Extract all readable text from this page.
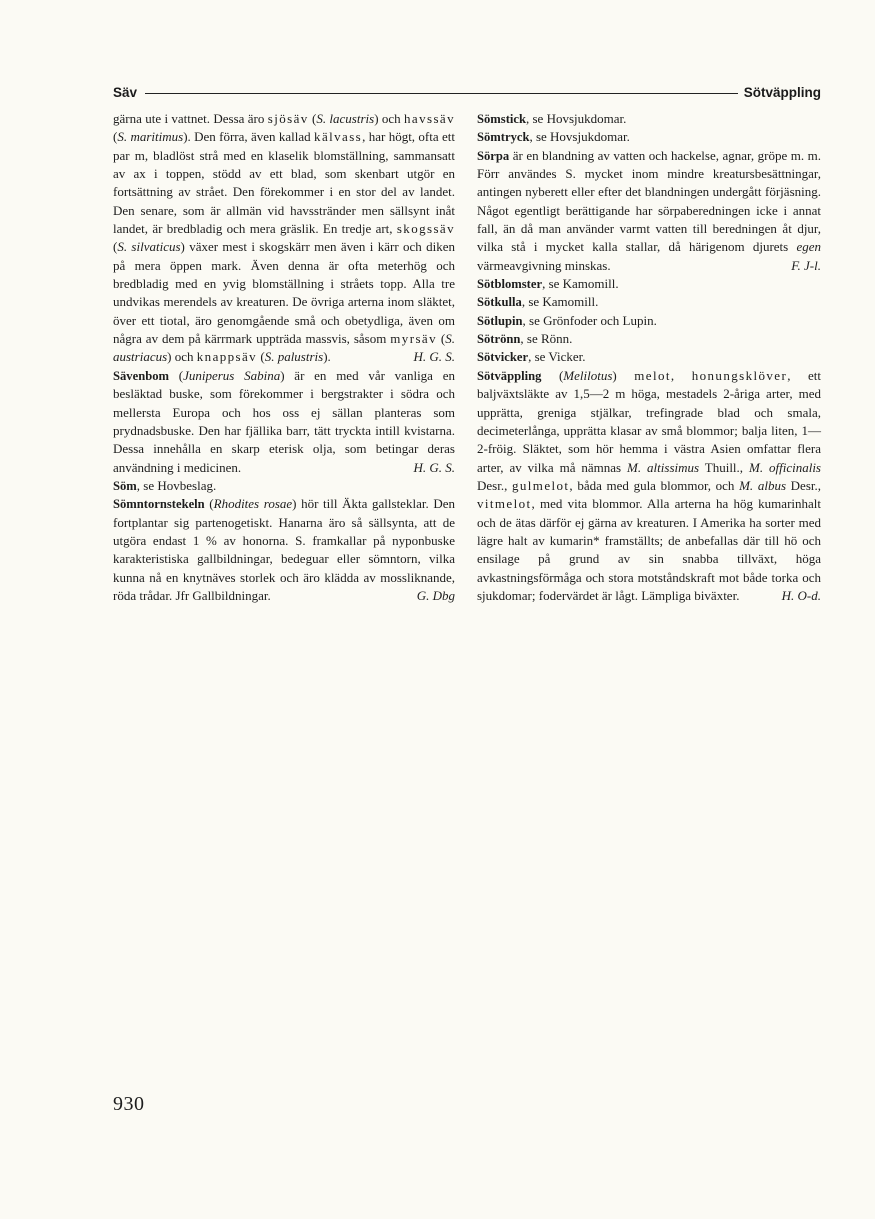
Säv	Sötväppling

gärna ute i vattnet. Dessa äro sjösäv (S. lacustris) och havssäv (S. maritimus). Den förra, även kallad kälvass, har högt, ofta ett par m, bladlöst strå med en klaselik blomställning, sammansatt av ax i toppen, stödd av ett blad, som skenbart utgör en fortsättning av strået. Den förekommer i en stor del av landet. Den senare, som är allmän vid havsstränder men sällsynt inåt landet, är bredbladig och mera gräslik. En tredje art, skogssäv (S. silvaticus) växer mest i skogskärr men även i kärr och diken på mera öppen mark. Även denna är ofta meterhög och bredbladig med en yvig blomställning i stråets topp. Alla tre undvikas merendels av kreaturen. De övriga arterna inom släktet, över ett tiotal, äro genomgående små och obetydliga, även om några av dem på kärrmark uppträda massvis, såsom myrsäv (S. austriacus) och knappsäv (S. palustris).	H. G. S.

Sävenbom (Juniperus Sabina) är en med vår vanliga en besläktad buske, som förekommer i bergstrakter i södra och mellersta Europa och hos oss ej sällan planteras som prydnadsbuske. Den har fjällika barr, tätt tryckta intill kvistarna. Dessa innehålla en skarp eterisk olja, som betingar deras användning i medicinen.	H. G. S.

Söm, se Hovbeslag.

Sömntornstekeln (Rhodites rosae) hör till Äkta gallsteklar. Den fortplantar sig partenogetiskt. Hanarna äro så sällsynta, att de utgöra endast 1 % av honorna. S. framkallar på nyponbuske karakteristiska gallbildningar, bedeguar eller sömntorn, vilka kunna nå en knytnäves storlek och äro klädda av mossliknande, röda trådar. Jfr Gallbildningar.	G. Dbg

Sömstick, se Hovsjukdomar.

Sömtryck, se Hovsjukdomar.

Sörpa är en blandning av vatten och hackelse, agnar, gröpe m. m. Förr användes S. mycket inom mindre kreatursbesättningar, antingen nyberett eller efter det blandningen undergått förjäsning. Något egentligt berättigande har sörpaberedningen icke i annat fall, än då man använder varmt vatten till beredningen åt djur, vilka stå i mycket kalla stallar, då härigenom djurets egen värmeavgivning minskas.	F. J-l.

Sötblomster, se Kamomill.

Sötkulla, se Kamomill.

Sötlupin, se Grönfoder och Lupin.

Sötrönn, se Rönn.

Sötvicker, se Vicker.

Sötväppling (Melilotus) melot, honungsklöver, ett baljväxtsläkte av 1,5—2 m höga, mestadels 2-åriga arter, med upprätta, greniga stjälkar, trefingrade blad och smala, decimeterlånga, upprätta klasar av små blommor; balja liten, 1—2-fröig. Släktet, som hör hemma i västra Asien omfattar flera arter, av vilka må nämnas M. altissimus Thuill., M. officinalis Desr., gulmelot, båda med gula blommor, och M. albus Desr., vitmelot, med vita blommor. Alla arterna ha hög kumarinhalt och de ätas därför ej gärna av kreaturen. I Amerika ha sorter med lägre halt av kumarin* framställts; de anbefallas där till hö och ensilage på grund av sin snabba tillväxt, höga avkastningsförmåga och stora motståndskraft mot både torka och sjukdomar; fodervärdet är lågt. Lämpliga biväxter.	H. O-d.

930
